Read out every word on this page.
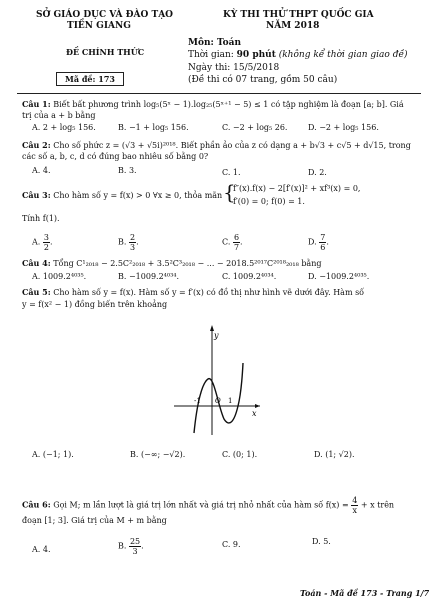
SỞ GIÁO DỤC VÀ ĐÀO TẠO
TIỀN GIANG
ĐỀ CHÍNH THỨC
Mã đề: 173
KỲ THI THỬ THPT QUỐC GIA
NĂM 2018
Môn: Toán
Thời gian: 90 phút (không kể thời gian giao đề)
Ngày thi: 15/5/2018
(Đề thi có 07 trang, gồm 50 câu)
Câu 1: Biết bất phương trình log₅(5ˣ − 1).log₂₅(5ˣ⁺¹ − 5) ≤ 1 có tập nghiệm là đoạn [a; b]. Giá
trị của a + b bằng
A. 2 + log₅ 156.	B. −1 + log₅ 156.	C. −2 + log₅ 26.	D. −2 + log₅ 156.
Câu 2: Cho số phức z = (√3 + √5i)²⁰¹⁸. Biết phần ảo của z có dạng a + b√3 + c√5 + d√15, trong
các số a, b, c, d có đúng bao nhiêu số bằng 0?
A. 4.	B. 3.	C. 1.	D. 2.
Câu 3: Cho hàm số y = f(x) > 0 ∀x ≥ 0, thỏa mãn {
f″(x).f(x) − 2[f′(x)]² + xf³(x) = 0,
f′(0) = 0; f(0) = 1.
Tính f(1).
A. $\frac{3}{2}$ .	B. $\frac{2}{3}$ .	C. $\frac{6}{7}$ .	D. $\frac{7}{6}$ .
Câu 4: Tổng C¹₂₀₁₈ − 2.5C²₂₀₁₈ + 3.5²C³₂₀₁₈ − ... − 2018.5²⁰¹⁷C²⁰¹⁸₂₀₁₈ bằng
A. 1009.2⁴⁰³⁵.	B. −1009.2⁴⁰³⁴.	C. 1009.2⁴⁰³⁴.	D. −1009.2⁴⁰³⁵.
Câu 5: Cho hàm số y = f(x). Hàm số y = f′(x) có đồ thị như hình vẽ dưới đây. Hàm số
y = f(x² − 1) đồng biến trên khoảng
y
x
O
-1	1
A. (−1; 1).	B. (−∞; −√2).	C. (0; 1).	D. (1; √2).
Câu 6: Gọi M; m lần lượt là giá trị lớn nhất và giá trị nhỏ nhất của hàm số $f(x) = \frac{4}{x} + x$ trên
đoạn [1; 3]. Giá trị của M + m bằng
A. 4.	B. $\frac{25}{3}$ .	C. 9.	D. 5.
Toán - Mã đề 173 - Trang 1/7
